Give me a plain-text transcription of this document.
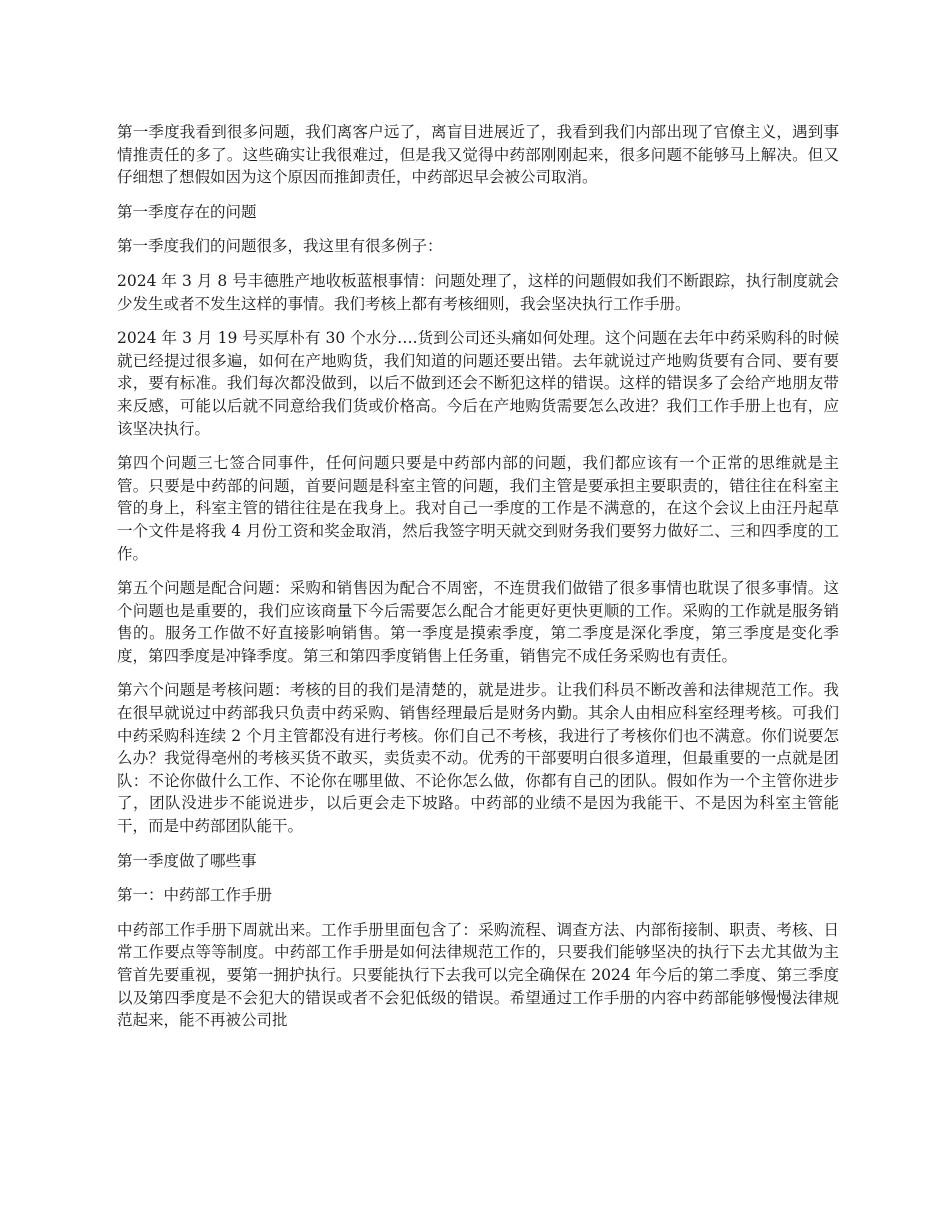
第一季度我看到很多问题，我们离客户远了，离盲目进展近了，我看到我们内部出现了官僚主义，遇到事情推责任的多了。这些确实让我很难过，但是我又觉得中药部刚刚起来，很多问题不能够马上解决。但又仔细想了想假如因为这个原因而推卸责任，中药部迟早会被公司取消。

第一季度存在的问题

第一季度我们的问题很多，我这里有很多例子：

2024 年 3 月 8 号丰德胜产地收板蓝根事情：问题处理了，这样的问题假如我们不断跟踪，执行制度就会少发生或者不发生这样的事情。我们考核上都有考核细则，我会坚决执行工作手册。

2024 年 3 月 19 号买厚朴有 30 个水分….货到公司还头痛如何处理。这个问题在去年中药采购科的时候就已经提过很多遍，如何在产地购货，我们知道的问题还要出错。去年就说过产地购货要有合同、要有要求，要有标准。我们每次都没做到，以后不做到还会不断犯这样的错误。这样的错误多了会给产地朋友带来反感，可能以后就不同意给我们货或价格高。今后在产地购货需要怎么改进？我们工作手册上也有，应该坚决执行。

第四个问题三七签合同事件，任何问题只要是中药部内部的问题，我们都应该有一个正常的思维就是主管。只要是中药部的问题，首要问题是科室主管的问题，我们主管是要承担主要职责的，错往往在科室主管的身上，科室主管的错往往是在我身上。我对自己一季度的工作是不满意的，在这个会议上由汪丹起草一个文件是将我 4 月份工资和奖金取消，然后我签字明天就交到财务我们要努力做好二、三和四季度的工作。

第五个问题是配合问题：采购和销售因为配合不周密，不连贯我们做错了很多事情也耽误了很多事情。这个问题也是重要的，我们应该商量下今后需要怎么配合才能更好更快更顺的工作。采购的工作就是服务销售的。服务工作做不好直接影响销售。第一季度是摸索季度，第二季度是深化季度，第三季度是变化季度，第四季度是冲锋季度。第三和第四季度销售上任务重，销售完不成任务采购也有责任。

第六个问题是考核问题：考核的目的我们是清楚的，就是进步。让我们科员不断改善和法律规范工作。我在很早就说过中药部我只负责中药采购、销售经理最后是财务内勤。其余人由相应科室经理考核。可我们中药采购科连续 2 个月主管都没有进行考核。你们自己不考核，我进行了考核你们也不满意。你们说要怎么办？我觉得亳州的考核买货不敢买，卖货卖不动。优秀的干部要明白很多道理，但最重要的一点就是团队：不论你做什么工作、不论你在哪里做、不论你怎么做，你都有自己的团队。假如作为一个主管你进步了，团队没进步不能说进步，以后更会走下坡路。中药部的业绩不是因为我能干、不是因为科室主管能干，而是中药部团队能干。

第一季度做了哪些事

第一：中药部工作手册

中药部工作手册下周就出来。工作手册里面包含了：采购流程、调查方法、内部衔接制、职责、考核、日常工作要点等等制度。中药部工作手册是如何法律规范工作的，只要我们能够坚决的执行下去尤其做为主管首先要重视，要第一拥护执行。只要能执行下去我可以完全确保在 2024 年今后的第二季度、第三季度以及第四季度是不会犯大的错误或者不会犯低级的错误。希望通过工作手册的内容中药部能够慢慢法律规范起来，能不再被公司批
